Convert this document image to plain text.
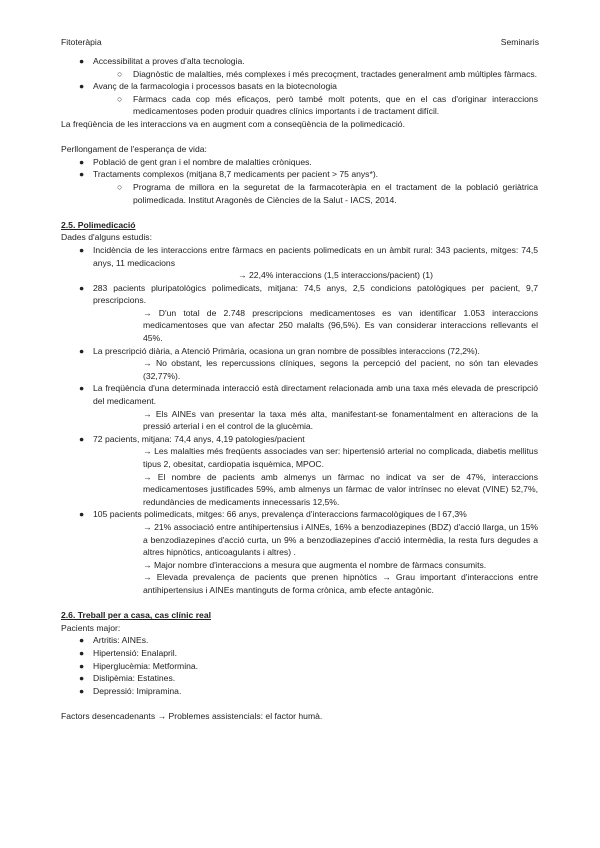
Fitoteràpia	Seminaris
● Accessibilitat a proves d'alta tecnologia.
○ Diagnòstic de malalties, més complexes i més precoçment, tractades generalment amb múltiples fàrmacs.
● Avanç de la farmacologia i processos basats en la biotecnologia
○ Fàrmacs cada cop més eficaços, però també molt potents, que en el cas d'originar interaccions medicamentoses poden produir quadres clínics importants i de tractament difícil.

La freqüència de les interaccions va en augment com a conseqüència de la polimedicació.

Perllongament de l'esperança de vida:

● Població de gent gran i el nombre de malalties cròniques.
● Tractaments complexos (mitjana 8,7 medicaments per pacient > 75 anys*).
○ Programa de millora en la seguretat de la farmacoteràpia en el tractament de la població geriàtrica polimedicada. Institut Aragonès de Ciències de la Salut - IACS, 2014.
2.5. Polimedicació
Dades d'alguns estudis:
● Incidència de les interaccions entre fàrmacs en pacients polimedicats en un àmbit rural: 343 pacients, mitges: 74,5 anys, 11 medicacions
→ 22,4% interaccions (1,5 interaccions/pacient) (1)
● 283 pacients pluripatològics polimedicats, mitjana: 74,5 anys, 2,5 condicions patològiques per pacient, 9,7 prescripcions.
→ D'un total de 2.748 prescripcions medicamentoses es van identificar 1.053 interaccions medicamentoses que van afectar 250 malalts (96,5%). Es van considerar interaccions rellevants el 45%.
● La prescripció diària, a Atenció Primària, ocasiona un gran nombre de possibles interaccions (72,2%).
→ No obstant, les repercussions clíniques, segons la percepció del pacient, no són tan elevades (32,77%).
● La freqüència d'una determinada interacció està directament relacionada amb una taxa més elevada de prescripció del medicament.
→ Els AINEs van presentar la taxa més alta, manifestant-se fonamentalment en alteracions de la pressió arterial i en el control de la glucèmia.
● 72 pacients, mitjana: 74,4 anys, 4,19 patologies/pacient
→ Les malalties més freqüents associades van ser: hipertensió arterial no complicada, diabetis mellitus tipus 2, obesitat, cardiopatia isquèmica, MPOC.
→ El nombre de pacients amb almenys un fàrmac no indicat va ser de 47%, interaccions medicamentoses justificades 59%, amb almenys un fàrmac de valor intrínsec no elevat (VINE) 52,7%, redundàncies de medicaments innecessaris 12,5%.
● 105 pacients polimedicats, mitges: 66 anys, prevalença d'interaccions farmacològiques de l 67,3%
→ 21% associació entre antihipertensius i AINEs, 16% a benzodiazepines (BDZ) d'acció llarga, un 15% a benzodiazepines d'acció curta, un 9% a benzodiazepines d'acció intermèdia, la resta furs degudes a altres hipnòtics, anticoagulants i altres) .
→ Major nombre d'interaccions a mesura que augmenta el nombre de fàrmacs consumits.
→ Elevada prevalença de pacients que prenen hipnòtics → Grau important d'interaccions entre antihipertensius i AINEs mantinguts de forma crònica, amb efecte antagònic.
2.6. Treball per a casa, cas clínic real
Pacients major:
● Artritis: AINEs.
● Hipertensió: Enalapril.
● Hiperglucèmia: Metformina.
● Dislipèmia: Estatines.
● Depressió: Imipramina.

Factors desencadenants → Problemes assistencials: el factor humà.
